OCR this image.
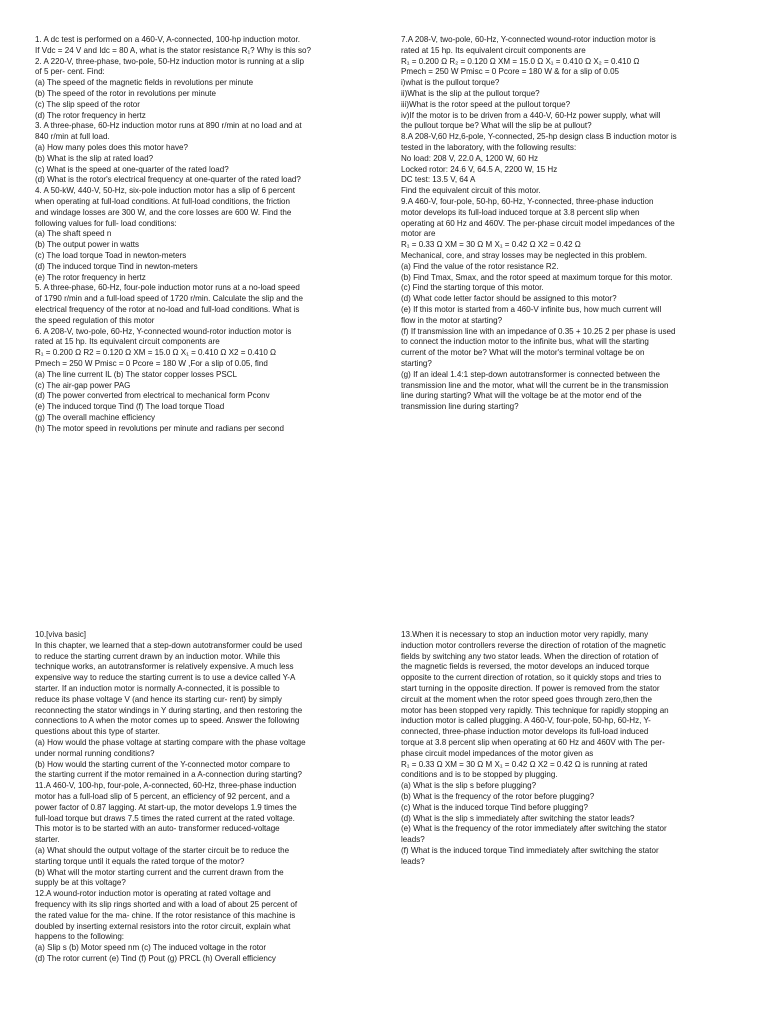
1. A dc test is performed on a 460-V, A-connected, 100-hp induction motor.
If Vdc = 24 V and Idc = 80 A, what is the stator resistance R₁? Why is this so?
2. A 220-V, three-phase, two-pole, 50-Hz induction motor is running at a slip
of 5 per- cent. Find:
(a) The speed of the magnetic fields in revolutions per minute
(b) The speed of the rotor in revolutions per minute
(c) The slip speed of the rotor
(d) The rotor frequency in hertz
3. A three-phase, 60-Hz induction motor runs at 890 r/min at no load and at
840 r/min at full load.
(a) How many poles does this motor have?
(b) What is the slip at rated load?
(c) What is the speed at one-quarter of the rated load?
(d) What is the rotor's electrical frequency at one-quarter of the rated load?
4. A 50-kW, 440-V, 50-Hz, six-pole induction motor has a slip of 6 percent
when operating at full-load conditions. At full-load conditions, the friction
and windage losses are 300 W, and the core losses are 600 W. Find the
following values for full- load conditions:
(a) The shaft speed n
(b) The output power in watts
(c) The load torque Toad in newton-meters
(d) The induced torque Tind in newton-meters
(e) The rotor frequency in hertz
5. A three-phase, 60-Hz, four-pole induction motor runs at a no-load speed
of 1790 r/min and a full-load speed of 1720 r/min. Calculate the slip and the
electrical frequency of the rotor at no-load and full-load conditions. What is
the speed regulation of this motor
6. A 208-V, two-pole, 60-Hz, Y-connected wound-rotor induction motor is
rated at 15 hp. Its equivalent circuit components are
R₁ = 0.200 Ω R2 = 0.120 Ω XM = 15.0 Ω X₁ = 0.410 Ω X2 = 0.410 Ω
Pmech = 250 W Pmisc = 0 Pcore = 180 W ,For a slip of 0.05, find
(a) The line current IL (b) The stator copper losses PSCL
(c) The air-gap power PAG
(d) The power converted from electrical to mechanical form Pconv
(e) The induced torque Tind (f) The load torque Tload
(g) The overall machine efficiency
(h) The motor speed in revolutions per minute and radians per second

7.A 208-V, two-pole, 60-Hz, Y-connected wound-rotor induction motor is
rated at 15 hp. Its equivalent circuit components are
R₁ = 0.200 Ω R₂ = 0.120 Ω XM = 15.0 Ω X₁ = 0.410 Ω X₂ = 0.410 Ω
Pmech = 250 W Pmisc = 0 Pcore = 180 W & for a slip of 0.05
i)what is the pullout torque?
ii)What is the slip at the pullout torque?
iii)What is the rotor speed at the pullout torque?
iv)If the motor is to be driven from a 440-V, 60-Hz power supply, what will
the pullout torque be? What will the slip be at pullout?
8.A 208-V,60 Hz,6-pole, Y-connected, 25-hp design class B induction motor is
tested in the laboratory, with the following results:
No load: 208 V, 22.0 A, 1200 W, 60 Hz
Locked rotor: 24.6 V, 64.5 A, 2200 W, 15 Hz
DC test: 13.5 V, 64 A
Find the equivalent circuit of this motor.
9.A 460-V, four-pole, 50-hp, 60-Hz, Y-connected, three-phase induction
motor develops its full-load induced torque at 3.8 percent slip when
operating at 60 Hz and 460V. The per-phase circuit model impedances of the
motor are
R₁ = 0.33 Ω XM = 30 Ω M X₁ = 0.42 Ω X2 = 0.42 Ω
Mechanical, core, and stray losses may be neglected in this problem.
(a) Find the value of the rotor resistance R2.
(b) Find Tmax, Smax, and the rotor speed at maximum torque for this motor.
(c) Find the starting torque of this motor.
(d) What code letter factor should be assigned to this motor?
(e) If this motor is started from a 460-V infinite bus, how much current will
flow in the motor at starting?
(f) If transmission line with an impedance of 0.35 + 10.25 2 per phase is used
to connect the induction motor to the infinite bus, what will the starting
current of the motor be? What will the motor's terminal voltage be on
starting?
(g) If an ideal 1.4:1 step-down autotransformer is connected between the
transmission line and the motor, what will the current be in the transmission
line during starting? What will the voltage be at the motor end of the
transmission line during starting?

10.[viva basic]
In this chapter, we learned that a step-down autotransformer could be used
to reduce the starting current drawn by an induction motor. While this
technique works, an autotransformer is relatively expensive. A much less
expensive way to reduce the starting current is to use a device called Y-A
starter. If an induction motor is normally A-connected, it is possible to
reduce its phase voltage V (and hence its starting cur- rent) by simply
reconnecting the stator windings in Y during starting, and then restoring the
connections to A when the motor comes up to speed. Answer the following
questions about this type of starter.
(a) How would the phase voltage at starting compare with the phase voltage
under normal running conditions?
(b) How would the starting current of the Y-connected motor compare to
the starting current if the motor remained in a A-connection during starting?
11.A 460-V, 100-hp, four-pole, A-connected, 60-Hz, three-phase induction
motor has a full-load slip of 5 percent, an efficiency of 92 percent, and a
power factor of 0.87 lagging. At start-up, the motor develops 1.9 times the
full-load torque but draws 7.5 times the rated current at the rated voltage.
This motor is to be started with an auto- transformer reduced-voltage
starter.
(a) What should the output voltage of the starter circuit be to reduce the
starting torque until it equals the rated torque of the motor?
(b) What will the motor starting current and the current drawn from the
supply be at this voltage?
12.A wound-rotor induction motor is operating at rated voltage and
frequency with its slip rings shorted and with a load of about 25 percent of
the rated value for the ma- chine. If the rotor resistance of this machine is
doubled by inserting external resistors into the rotor circuit, explain what
happens to the following:
(a) Slip s (b) Motor speed nm (c) The induced voltage in the rotor
(d) The rotor current (e) Tind (f) Pout (g) PRCL (h) Overall efficiency

13.When it is necessary to stop an induction motor very rapidly, many
induction motor controllers reverse the direction of rotation of the magnetic
fields by switching any two stator leads. When the direction of rotation of
the magnetic fields is reversed, the motor develops an induced torque
opposite to the current direction of rotation, so it quickly stops and tries to
start turning in the opposite direction. If power is removed from the stator
circuit at the moment when the rotor speed goes through zero,then the
motor has been stopped very rapidly. This technique for rapidly stopping an
induction motor is called plugging. A 460-V, four-pole, 50-hp, 60-Hz, Y-
connected, three-phase induction motor develops its full-load induced
torque at 3.8 percent slip when operating at 60 Hz and 460V with The per-
phase circuit model impedances of the motor given as
R₁ = 0.33 Ω XM = 30 Ω M X₁ = 0.42 Ω X2 = 0.42 Ω is running at rated
conditions and is to be stopped by plugging.
(a) What is the slip s before plugging?
(b) What is the frequency of the rotor before plugging?
(c) What is the induced torque Tind before plugging?
(d) What is the slip s immediately after switching the stator leads?
(e) What is the frequency of the rotor immediately after switching the stator
leads?
(f) What is the induced torque Tind immediately after switching the stator
leads?
